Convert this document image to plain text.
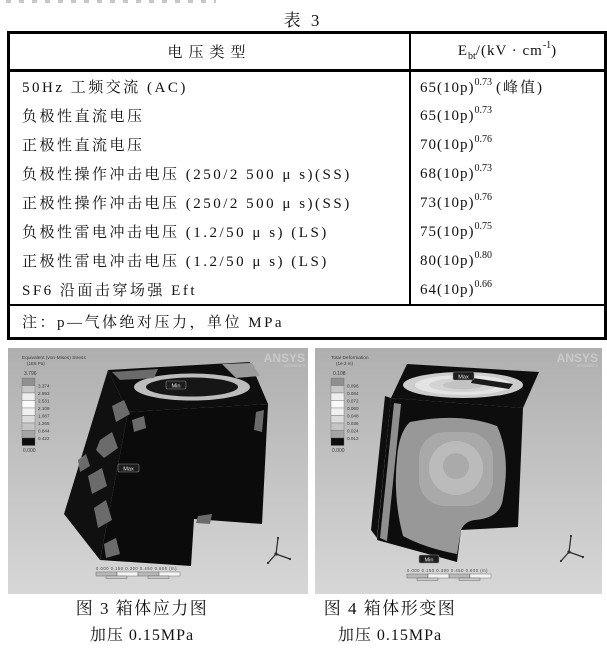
表 3
电压类型	$E_{bt}/(kV \cdot cm^{-1})$
50Hz 工频交流 (AC)	$65(10p)^{0.73}$ (峰值)
负极性直流电压	$65(10p)^{0.73}$
正极性直流电压	$70(10p)^{0.76}$
负极性操作冲击电压 (250/2 500 μ s)(SS)	$68(10p)^{0.73}$
正极性操作冲击电压 (250/2 500 μ s)(SS)	$73(10p)^{0.76}$
负极性雷电冲击电压 (1.2/50 μ s) (LS)	$75(10p)^{0.75}$
正极性雷电冲击电压 (1.2/50 μ s) (LS)	$80(10p)^{0.80}$
SF6 沿面击穿场强 Eft	$64(10p)^{0.66}$
注：p—气体绝对压力，单位 MPa	
ANSYS
WORKBENCH
Equivalent (von-Mises) Stress
(1E8 Pa)
3.796
3.374
2.953
2.531
2.109
1.687
1.265
0.844
0.422
0.000
Min
Max
0.000 0.150 0.300 0.450 0.600 (m)
ANSYS
WORKBENCH
Total Deformation
(1e-2 m)
0.108
0.096
0.084
0.072
0.060
0.048
0.036
0.024
0.012
0.000
Max
Min
0.000 0.150 0.300 0.450 0.600 (m)
图 3 箱体应力图
加压 0.15MPa
图 4 箱体形变图
加压 0.15MPa
